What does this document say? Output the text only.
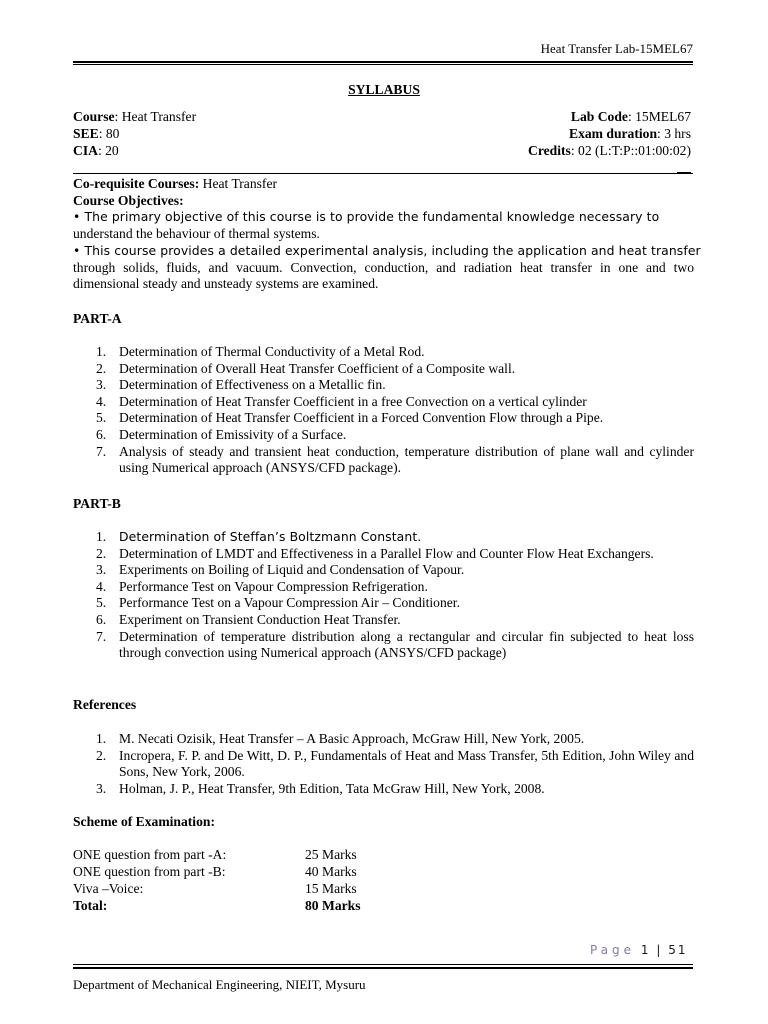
Heat Transfer Lab-15MEL67
SYLLABUS
Course: Heat Transfer	Lab Code: 15MEL67
SEE: 80	Exam duration: 3 hrs
CIA: 20	Credits: 02 (L:T:P::01:00:02)
Co-requisite Courses: Heat Transfer
Course Objectives:
• The primary objective of this course is to provide the fundamental knowledge necessary to
understand the behaviour of thermal systems.
• This course provides a detailed experimental analysis, including the application and heat transfer
through solids, fluids, and vacuum. Convection, conduction, and radiation heat transfer in one and two dimensional steady and unsteady systems are examined.
PART-A
1. Determination of Thermal Conductivity of a Metal Rod.
2. Determination of Overall Heat Transfer Coefficient of a Composite wall.
3. Determination of Effectiveness on a Metallic fin.
4. Determination of Heat Transfer Coefficient in a free Convection on a vertical cylinder
5. Determination of Heat Transfer Coefficient in a Forced Convention Flow through a Pipe.
6. Determination of Emissivity of a Surface.
7. Analysis of steady and transient heat conduction, temperature distribution of plane wall and cylinder using Numerical approach (ANSYS/CFD package).
PART-B
1. Determination of Steffan’s Boltzmann Constant.
2. Determination of LMDT and Effectiveness in a Parallel Flow and Counter Flow Heat Exchangers.
3. Experiments on Boiling of Liquid and Condensation of Vapour.
4. Performance Test on Vapour Compression Refrigeration.
5. Performance Test on a Vapour Compression Air – Conditioner.
6. Experiment on Transient Conduction Heat Transfer.
7. Determination of temperature distribution along a rectangular and circular fin subjected to heat loss through convection using Numerical approach (ANSYS/CFD package)
References
1. M. Necati Ozisik, Heat Transfer – A Basic Approach, McGraw Hill, New York, 2005.
2. Incropera, F. P. and De Witt, D. P., Fundamentals of Heat and Mass Transfer, 5th Edition, John Wiley and Sons, New York, 2006.
3. Holman, J. P., Heat Transfer, 9th Edition, Tata McGraw Hill, New York, 2008.
Scheme of Examination:
ONE question from part -A:	25 Marks
ONE question from part -B:	40 Marks
Viva –Voice:	15 Marks
Total:	80 Marks
Page 1 | 51
Department of Mechanical Engineering, NIEIT, Mysuru
